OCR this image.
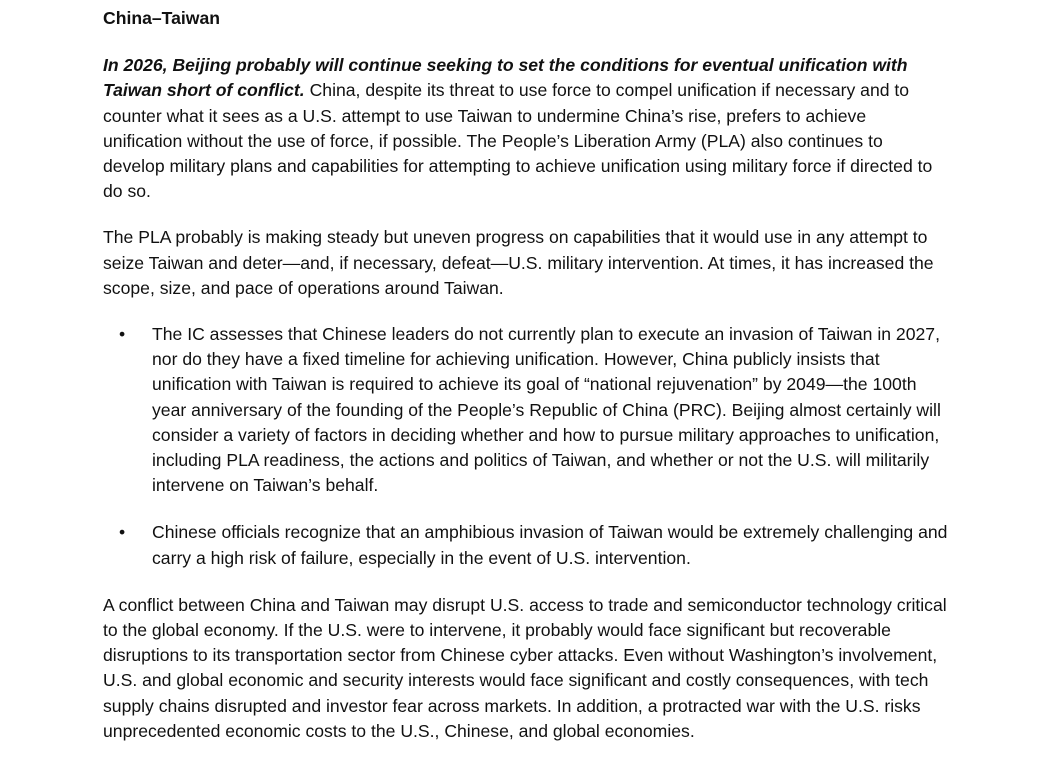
China–Taiwan

In 2026, Beijing probably will continue seeking to set the conditions for eventual unification with Taiwan short of conflict. China, despite its threat to use force to compel unification if necessary and to counter what it sees as a U.S. attempt to use Taiwan to undermine China’s rise, prefers to achieve unification without the use of force, if possible. The People’s Liberation Army (PLA) also continues to develop military plans and capabilities for attempting to achieve unification using military force if directed to do so.

The PLA probably is making steady but uneven progress on capabilities that it would use in any attempt to seize Taiwan and deter—and, if necessary, defeat—U.S. military intervention. At times, it has increased the scope, size, and pace of operations around Taiwan.

• The IC assesses that Chinese leaders do not currently plan to execute an invasion of Taiwan in 2027, nor do they have a fixed timeline for achieving unification. However, China publicly insists that unification with Taiwan is required to achieve its goal of “national rejuvenation” by 2049—the 100th year anniversary of the founding of the People’s Republic of China (PRC). Beijing almost certainly will consider a variety of factors in deciding whether and how to pursue military approaches to unification, including PLA readiness, the actions and politics of Taiwan, and whether or not the U.S. will militarily intervene on Taiwan’s behalf.
• Chinese officials recognize that an amphibious invasion of Taiwan would be extremely challenging and carry a high risk of failure, especially in the event of U.S. intervention.

A conflict between China and Taiwan may disrupt U.S. access to trade and semiconductor technology critical to the global economy. If the U.S. were to intervene, it probably would face significant but recoverable disruptions to its transportation sector from Chinese cyber attacks. Even without Washington’s involvement, U.S. and global economic and security interests would face significant and costly consequences, with tech supply chains disrupted and investor fear across markets. In addition, a protracted war with the U.S. risks unprecedented economic costs to the U.S., Chinese, and global economies.
